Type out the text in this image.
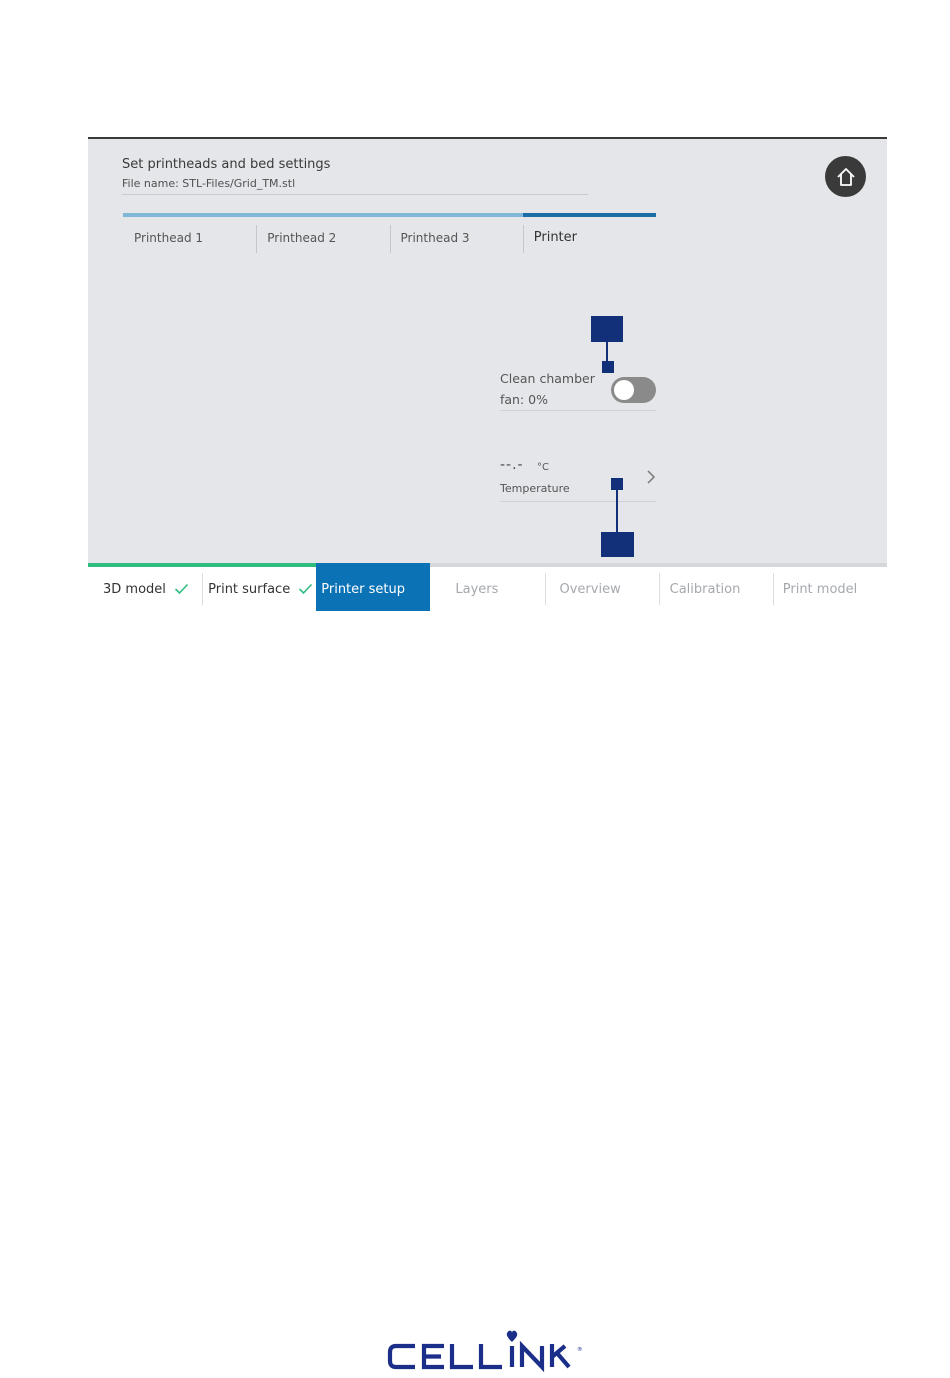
Set printheads and bed settings
File name: STL-Files/Grid_TM.stl
Printhead 1	Printhead 2	Printhead 3	Printer
Clean chamber
fan: 0%
--.- °C
Temperature
3D model	Print surface	Printer setup	Layers	Overview	Calibration	Print model
®
